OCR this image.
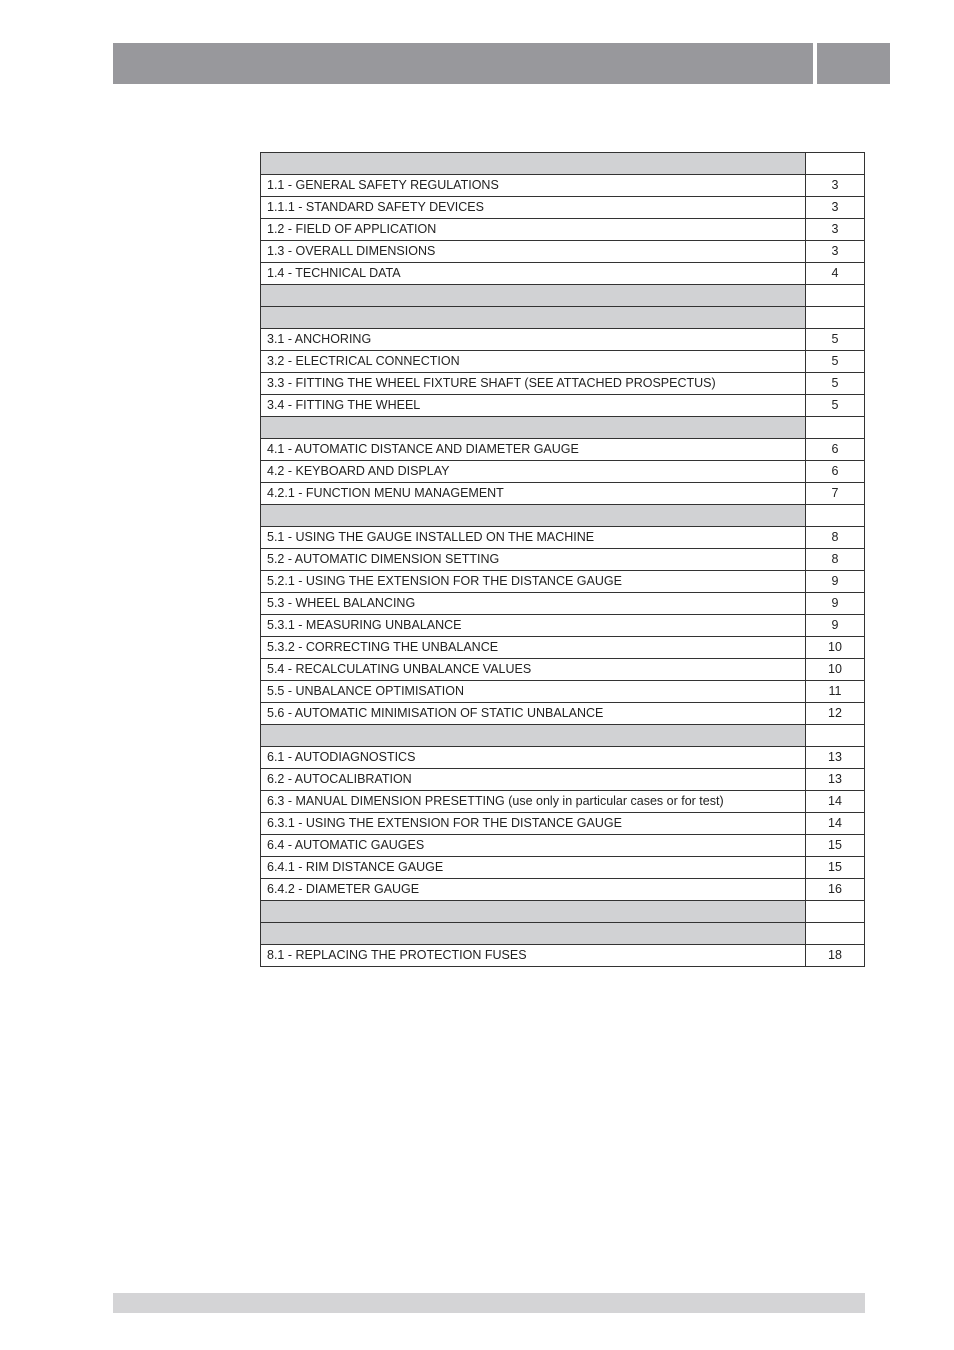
1.1 - GENERAL SAFETY REGULATIONS	3
1.1.1 - STANDARD SAFETY DEVICES	3
1.2 - FIELD OF APPLICATION	3
1.3 - OVERALL DIMENSIONS	3
1.4 - TECHNICAL DATA	4
3.1 - ANCHORING	5
3.2 - ELECTRICAL CONNECTION	5
3.3 - FITTING THE WHEEL FIXTURE SHAFT (SEE ATTACHED PROSPECTUS)	5
3.4 - FITTING THE WHEEL	5
4.1 - AUTOMATIC DISTANCE AND DIAMETER GAUGE	6
4.2 - KEYBOARD AND DISPLAY	6
4.2.1 - FUNCTION MENU MANAGEMENT	7
5.1 - USING THE GAUGE INSTALLED ON THE MACHINE	8
5.2 - AUTOMATIC DIMENSION SETTING	8
5.2.1 - USING THE EXTENSION FOR THE DISTANCE GAUGE	9
5.3 - WHEEL BALANCING	9
5.3.1 - MEASURING UNBALANCE	9
5.3.2 - CORRECTING THE UNBALANCE	10
5.4 - RECALCULATING UNBALANCE VALUES	10
5.5 - UNBALANCE OPTIMISATION	11
5.6 - AUTOMATIC MINIMISATION OF STATIC UNBALANCE	12
6.1 - AUTODIAGNOSTICS	13
6.2 - AUTOCALIBRATION	13
6.3 - MANUAL DIMENSION PRESETTING (use only in particular cases or for test)	14
6.3.1 - USING THE EXTENSION FOR THE DISTANCE GAUGE	14
6.4 - AUTOMATIC GAUGES	15
6.4.1 - RIM DISTANCE GAUGE	15
6.4.2 - DIAMETER GAUGE	16
8.1 - REPLACING THE PROTECTION FUSES	18
